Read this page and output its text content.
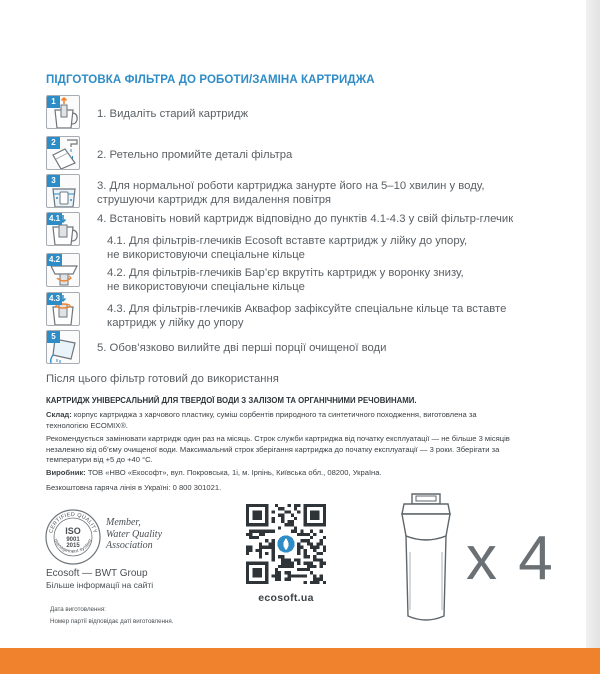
ПІДГОТОВКА ФІЛЬТРА ДО РОБОТИ/ЗАМІНА КАРТРИДЖА
1
1. Видаліть старий картридж
2
2. Ретельно промийте деталі фільтра
3	3. Для нормальної роботи картриджа занурте його на 5–10 хвилин у воду,
струшуючи картридж для видалення повітря
4.1	4. Встановіть новий картридж відповідно до пунктів 4.1-4.3 у свій фільтр-глечик
4.1. Для фільтрів-глечиків Ecosoft вставте картридж у лійку до упору,
не використовуючи спеціальне кільце
4.2
4.2. Для фільтрів-глечиків Бар’єр вкрутіть картридж у воронку знизу,
не використовуючи спеціальне кільце
4.3
4.3. Для фільтрів-глечиків Аквафор зафіксуйте спеціальне кільце та вставте
картридж у лійку до упору
5
5. Обов’язково вилийте дві перші порції очищеної води
Після цього фільтр готовий до використання
КАРТРИДЖ УНІВЕРСАЛЬНИЙ ДЛЯ ТВЕРДОЇ ВОДИ З ЗАЛІЗОМ ТА ОРГАНІЧНИМИ РЕЧОВИНАМИ.
Склад: корпус картриджа з харчового пластику, суміш сорбентів природного та синтетичного походження, виготовлена за
технологією ECOMIX®.
Рекомендується замінювати картридж один раз на місяць. Строк служби картриджа від початку експлуатації — не більше 3 місяців
незалежно від об’єму очищеної води. Максимальний строк зберігання картриджа до початку експлуатації — 3 роки. Зберігати за
температури від +5 до +40 °С.
Виробник: ТОВ «НВО «Екософт», вул. Покровська, 1і, м. Ірпінь, Київська обл., 08200, Україна.
Безкоштовна гаряча лінія в Україні: 0 800 301021.
CERTIFIED QUALITY
management system
ISO
9001
2015
Member,
Water Quality
Association
Ecosoft — BWT Group
Більше інформації на сайті
Дата виготовлення:
Номер партії відповідає даті виготовлення.
ecosoft.ua
x 4
